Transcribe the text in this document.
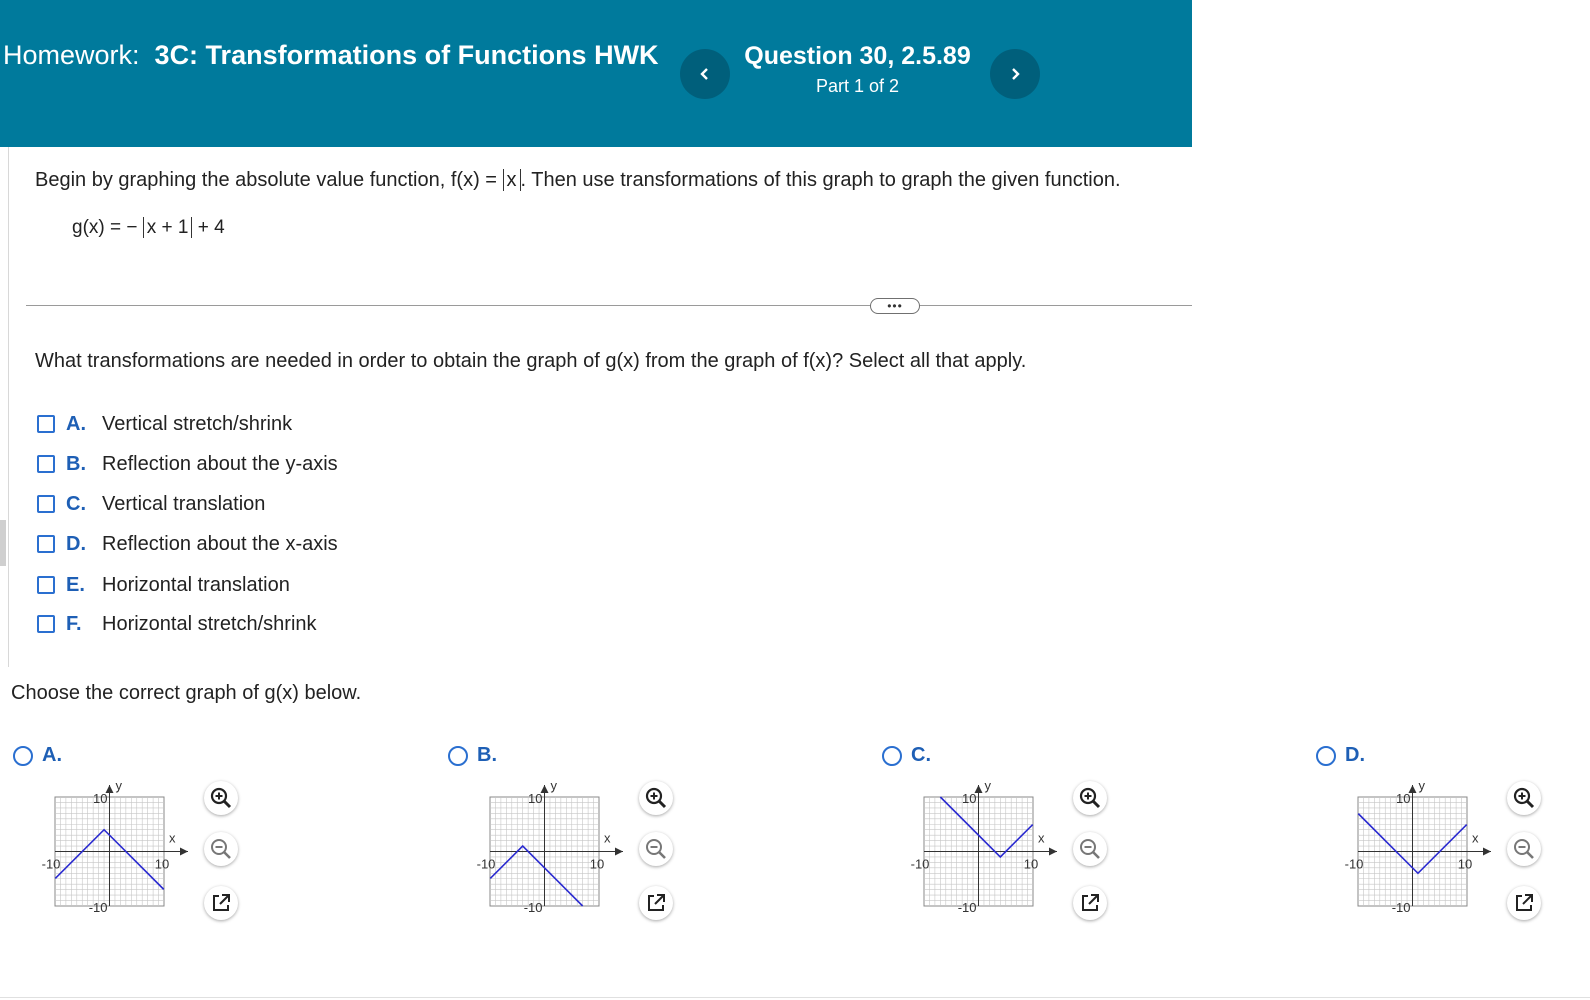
Homework: 3C: Transformations of Functions HWK	Question 30, 2.5.89
Part 1 of 2
Begin by graphing the absolute value function, f(x) = x . Then use transformations of this graph to graph the given function.
g(x) = − x + 1 + 4
•••
What transformations are needed in order to obtain the graph of g(x) from the graph of f(x)? Select all that apply.
A. Vertical stretch/shrink
B. Reflection about the y-axis
C. Vertical translation
D. Reflection about the x-axis
E. Horizontal translation
F.	Horizontal stretch/shrink
Choose the correct graph of g(x) below.
A.	B.	C.	D.
y
x
10
-10
-10	10
y
x
10
-10
-10	10
y
x
10
-10
-10	10
y
x
10
-10
-10	10
